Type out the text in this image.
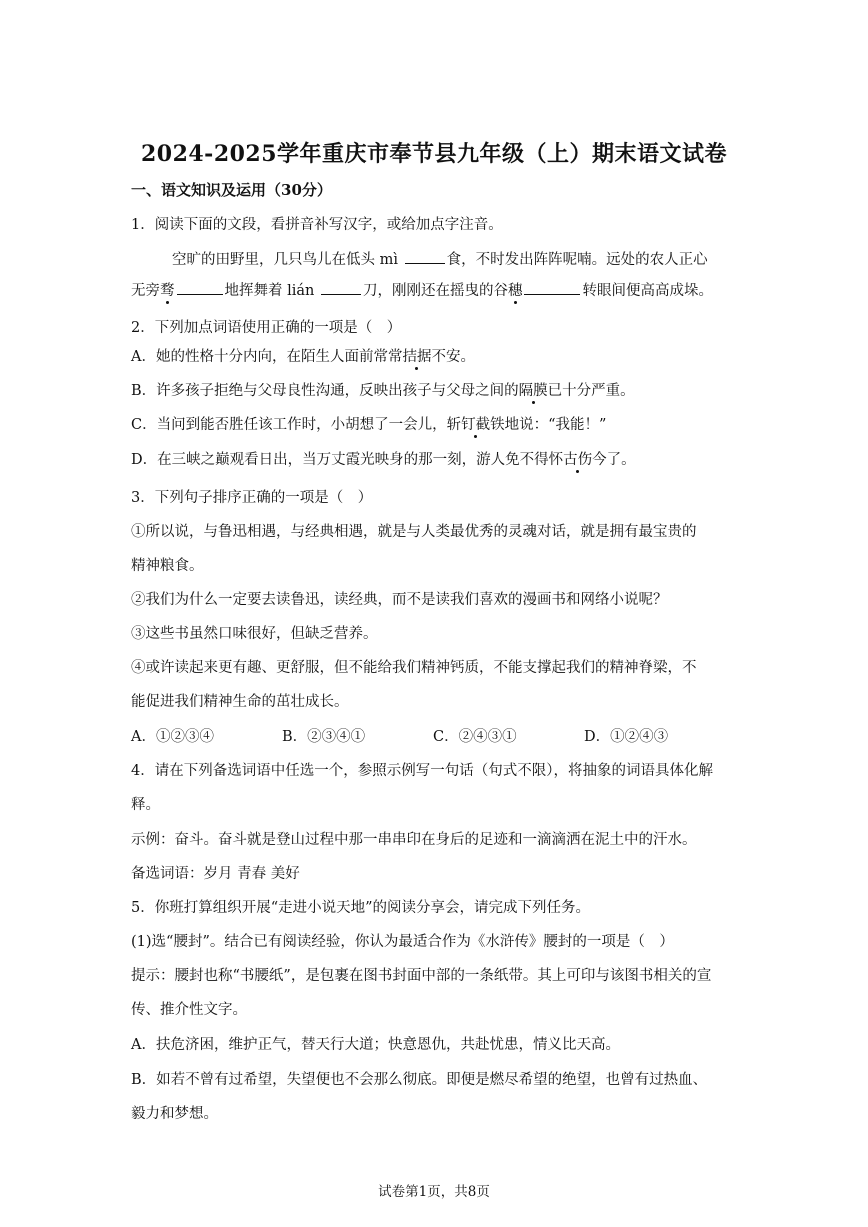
2024-2025学年重庆市奉节县九年级（上）期末语文试卷
一、语文知识及运用（30分）
1．阅读下面的文段，看拼音补写汉字，或给加点字注音。
空旷的田野里，几只鸟儿在低头 mì	食，不时发出阵阵呢喃。远处的农人正心
无旁骛	地挥舞着 lián	刀，刚刚还在摇曳的谷穗	转眼间便高高成垛。
2．下列加点词语使用正确的一项是（　）
A．她的性格十分内向，在陌生人面前常常拮据不安。
B．许多孩子拒绝与父母良性沟通，反映出孩子与父母之间的隔膜已十分严重。
C．当问到能否胜任该工作时，小胡想了一会儿，斩钉截铁地说：“我能！”
D．在三峡之巅观看日出，当万丈霞光映身的那一刻，游人免不得怀古伤今了。
3．下列句子排序正确的一项是（　）
①所以说，与鲁迅相遇，与经典相遇，就是与人类最优秀的灵魂对话，就是拥有最宝贵的
精神粮食。
②我们为什么一定要去读鲁迅，读经典，而不是读我们喜欢的漫画书和网络小说呢？
③这些书虽然口味很好，但缺乏营养。
④或许读起来更有趣、更舒服，但不能给我们精神钙质，不能支撑起我们的精神脊梁，不
能促进我们精神生命的茁壮成长。
A．①②③④	B．②③④①	C．②④③①	D．①②④③
4．请在下列备选词语中任选一个，参照示例写一句话（句式不限），将抽象的词语具体化解
释。
示例：奋斗。奋斗就是登山过程中那一串串印在身后的足迹和一滴滴洒在泥土中的汗水。
备选词语：岁月 青春 美好
5．你班打算组织开展“走进小说天地”的阅读分享会，请完成下列任务。
(1)选“腰封”。结合已有阅读经验，你认为最适合作为《水浒传》腰封的一项是（　）
提示：腰封也称“书腰纸”，是包裹在图书封面中部的一条纸带。其上可印与该图书相关的宣
传、推介性文字。
A．扶危济困，维护正气，替天行大道；快意恩仇，共赴忧患，情义比天高。
B．如若不曾有过希望，失望便也不会那么彻底。即便是燃尽希望的绝望，也曾有过热血、
毅力和梦想。
试卷第1页，共8页
